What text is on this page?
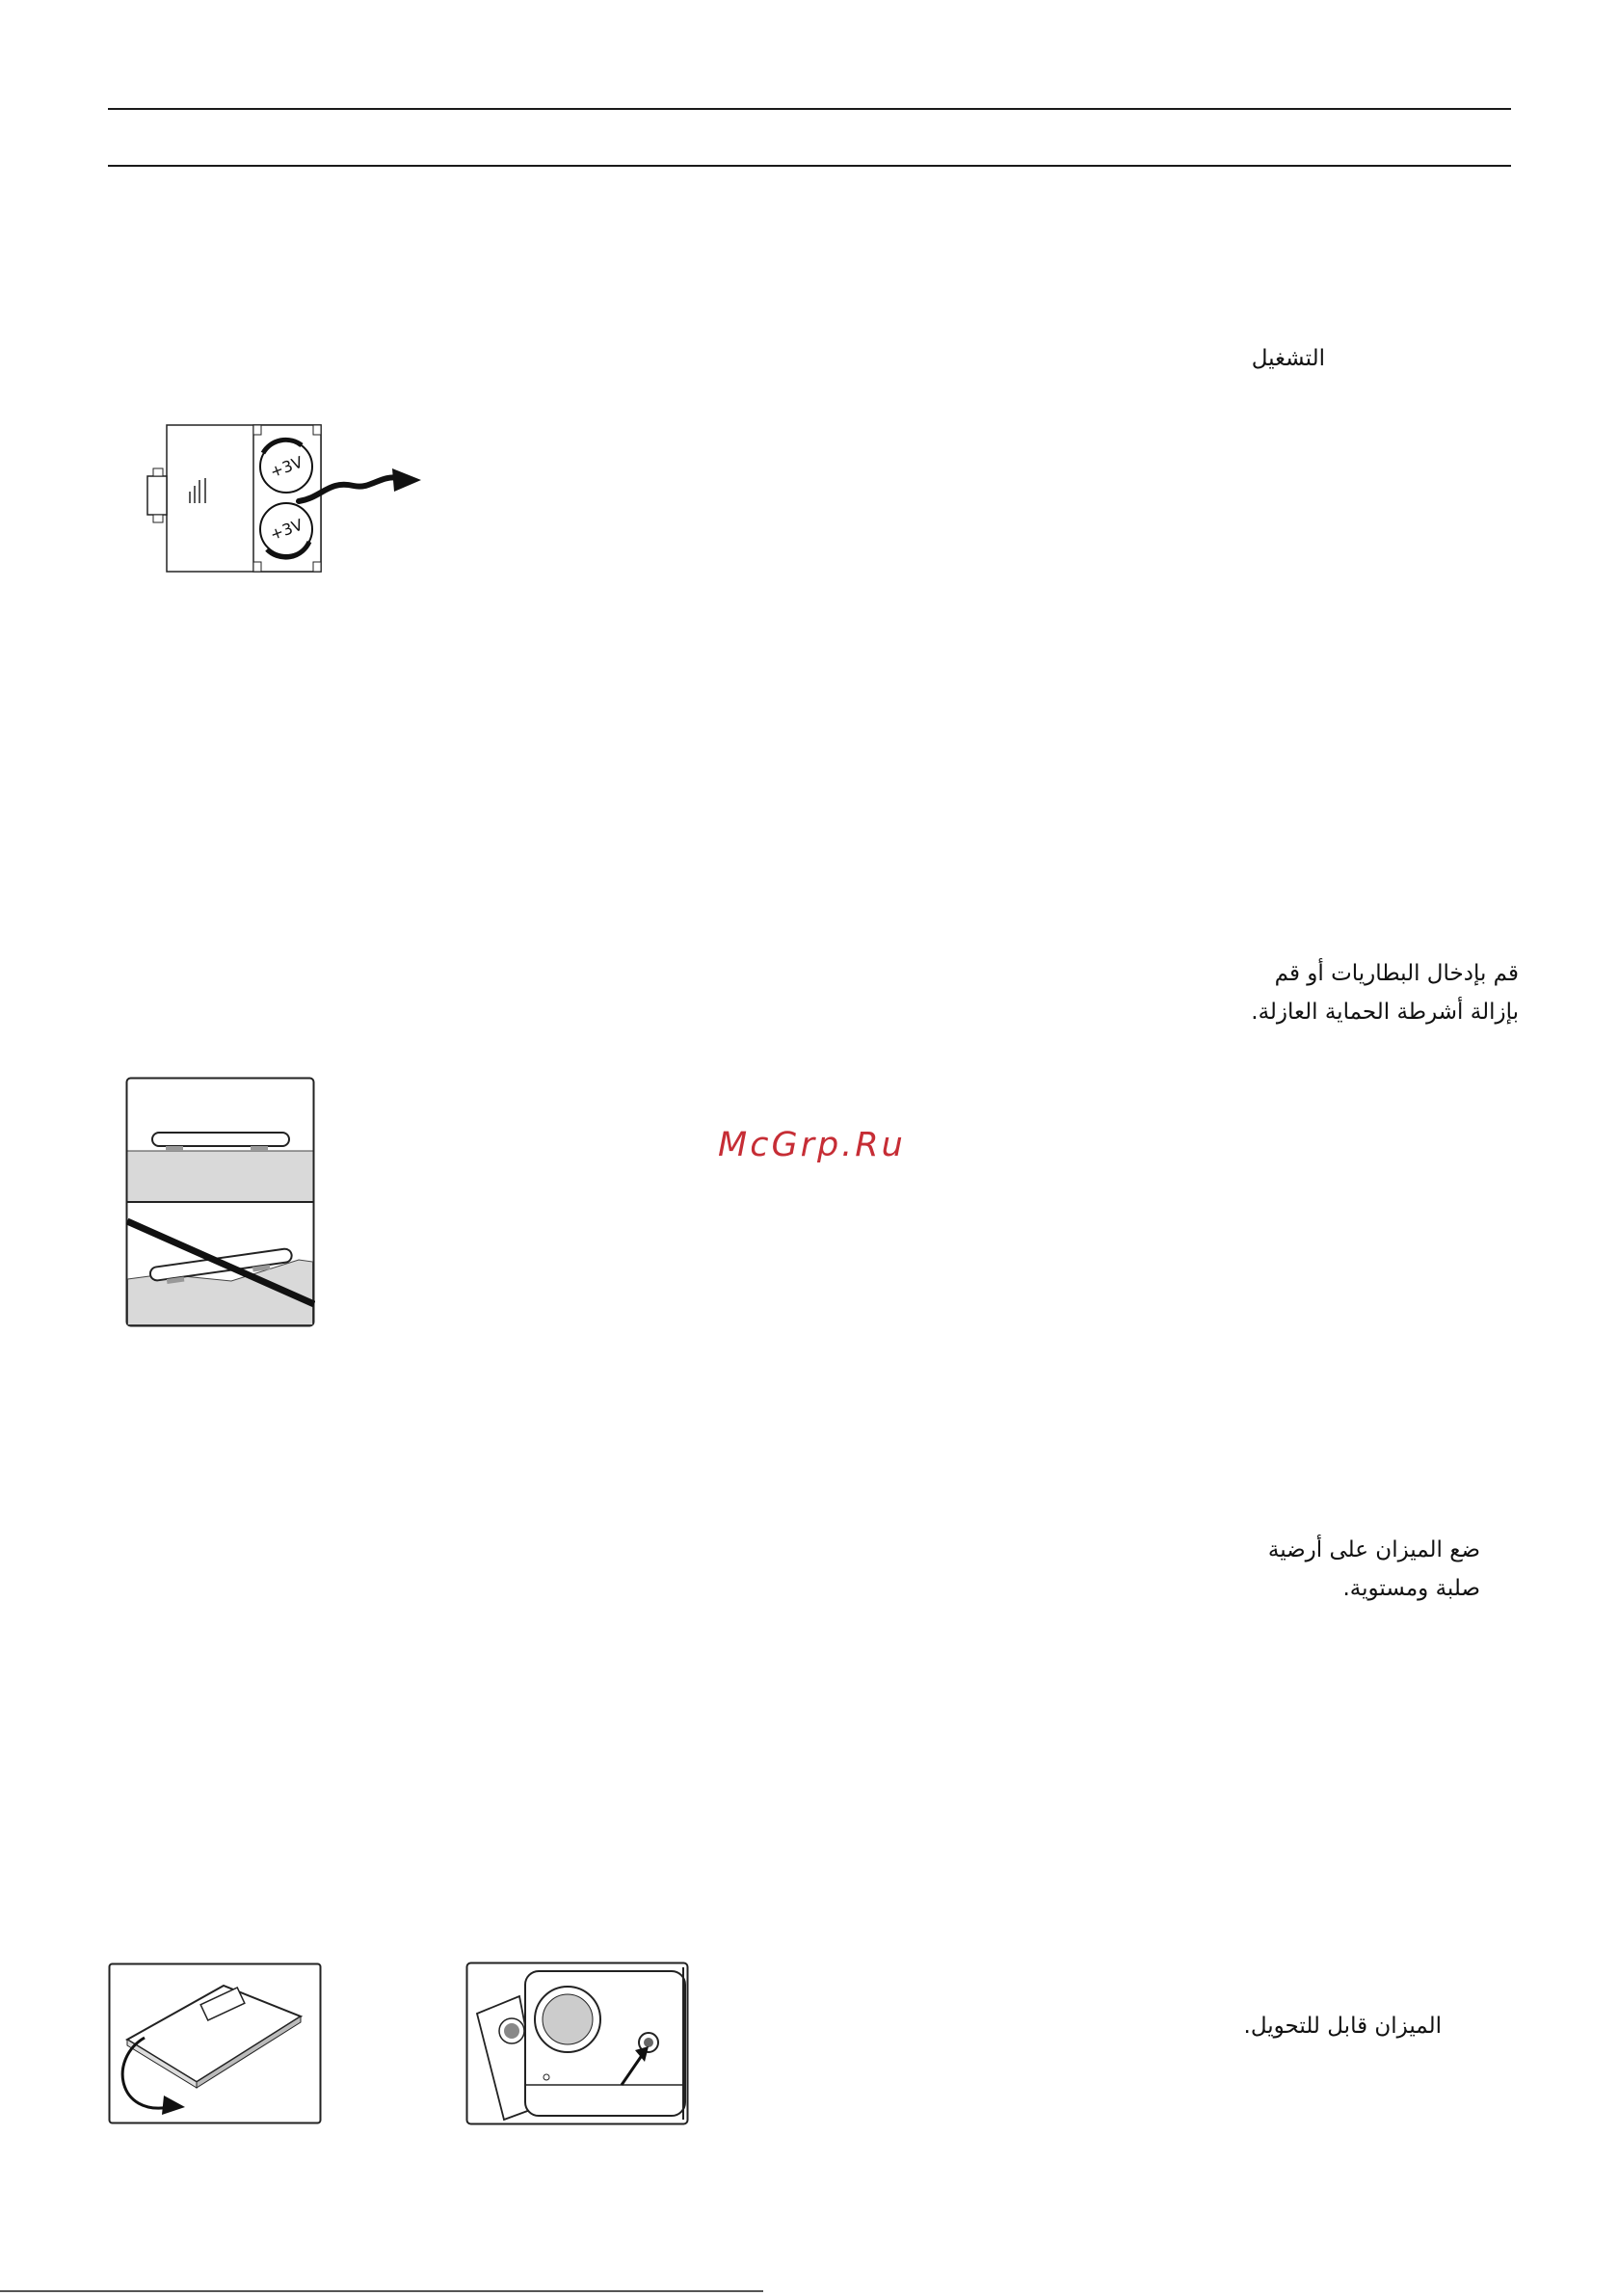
التشغيل
قم بإدخال البطاريات أو قم
بإزالة أشرطة الحماية العازلة.
ضع الميزان على أرضية
صلبة ومستوية.
الميزان قابل للتحويل.
McGrp.Ru
+3V
+3V
